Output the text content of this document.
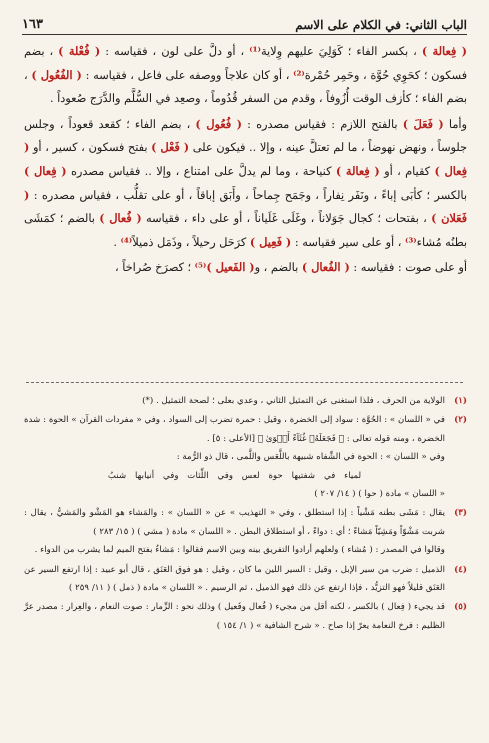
الباب الثاني: في الكلام على الاسم
١٦٣

( فِعالة ) ، بكسر الفاء ؛ كَوَلِيَ عليهم وِلاية⁽¹⁾ ، أو دلَّ على لون ، فقياسه : ( فُعْلة ) ، بضم فسكون ؛ كحَوِي حُوَّة ، وحَمِر حُمْرة⁽²⁾ ، أو كان علاجاً ووصفه على فاعل ، فقياسه : ( الفُعُول ) ، بضم الفاء ؛ كأزف الوقت أُزُوفاً ، وقدم من السفر قُدُوماً ، وصعِد في السُّلَّم والدَّرَج صُعوداً .

وأما ( فَعَلَ ) بالفتح اللازم : فقياس مصدره : ( فُعُول ) ، بضم الفاء ؛ كقعد قعوداً ، وجلس جلوساً ، ونهض نهوضاً ، ما لم تعتلَّ عينه ، وإلا .. فيكون على ( فَعْل ) بفتح فسكون ، كسير ، أو ( فِعال ) كقيام ، أو ( فِعالة ) كنياحة ، وما لم يدلَّ على امتناع ، وإلا .. فقياس مصدره ( فِعال ) بالكسر ؛ كأبَى إباءً ، ونَفَر نِفاراً ، وجَمَح جِماحاً ، وأَبَق إباقاً ، أو على تقلُّب ، فقياس مصدره : ( فَعَلان ) ، بفتحات ؛ كجال جَوَلاناً ، وغَلَى غَلَياناً ، أو على داء ، فقياسه ( فُعال ) بالضم ؛ كمَشَى بطنُه مُشاء⁽³⁾ ، أو على سير فقياسه : ( فَعِيل ) كرَحَل رحيلاً ، وذَمَل ذميلاً⁽⁴⁾ .

أو على صوت : فقياسه : ( الفُعال ) بالضم ، و( الفَعيل )⁽⁵⁾ ؛ كصرَخ صُراخاً ،

(١)

الولاية من الحرف ، فلذا استغنى عن التمثيل الثاني ، وعدي بعلى ؛ لصحة التمثيل . (*)

(٢)

في « اللسان » : الحُوَّة : سواد إلى الخضرة ، وقيل : حمرة تضرب إلى السواد ، وفي « مفردات القرآن » الحوة : شدة الخضرة ، ومنه قوله تعالى : ﴿ فَجَعَلَهُۥ غُثَآءً أَحۡوَىٰ ﴾ [الأعلى : ٥] .

وفي « اللسان » : الحوة في الشِّفاه شبيهة باللَّعَس واللَّمى ، قال ذو الرُّمة :

لمياء في شفتيها حوة لعس وفي اللِّثات وفي أنيابها شنبُ

« اللسان » مادة ( حوا ) ( ١٤/ ٢٠٧ )

(٣)

يقال : مَشَى بطنه مَشْياً : إذا استطلق ، وفي « التهذيب » عن « اللسان » : والمَشاء هو المَشْو والمَشيُّ ، يقال : شربت مَشْوّاً ومَشِيّاً مَشاءً ؛ أي : دواءً ، أو استطلاق البطن . « اللسان » مادة ( مشي ) ( ١٥/ ٢٨٣ )

وقالوا في المصدر : ( مُشاء ) ولعلهم أرادوا التفريق بينه وبين الاسم فقالوا : مَشاءٌ بفتح الميم لما يشرب من الدواء .

(٤)

الذميل : ضرب من سير الإبل ، وقيل : السير اللين ما كان ، وقيل : هو فوق العَنَق ، قال أبو عبيد : إذا ارتفع السير عن العَنَق قليلاً فهو التزيُّد ، فإذا ارتفع عن ذلك فهو الذميل ، ثم الرسيم . « اللسان » مادة ( ذمل ) ( ١١/ ٢٥٩ )

(٥)

قد يجيء ( فِعال ) بالكسر ، لكنه أقل من مجيء ( فُعال وفَعيل ) وذلك نحو : الزِّمار : صوت النعام ، والعِرار : مصدر عرَّ الظليم : فرخ النعامة يعرّ إذا صاح . « شرح الشافية » ( ١/ ١٥٤ )
